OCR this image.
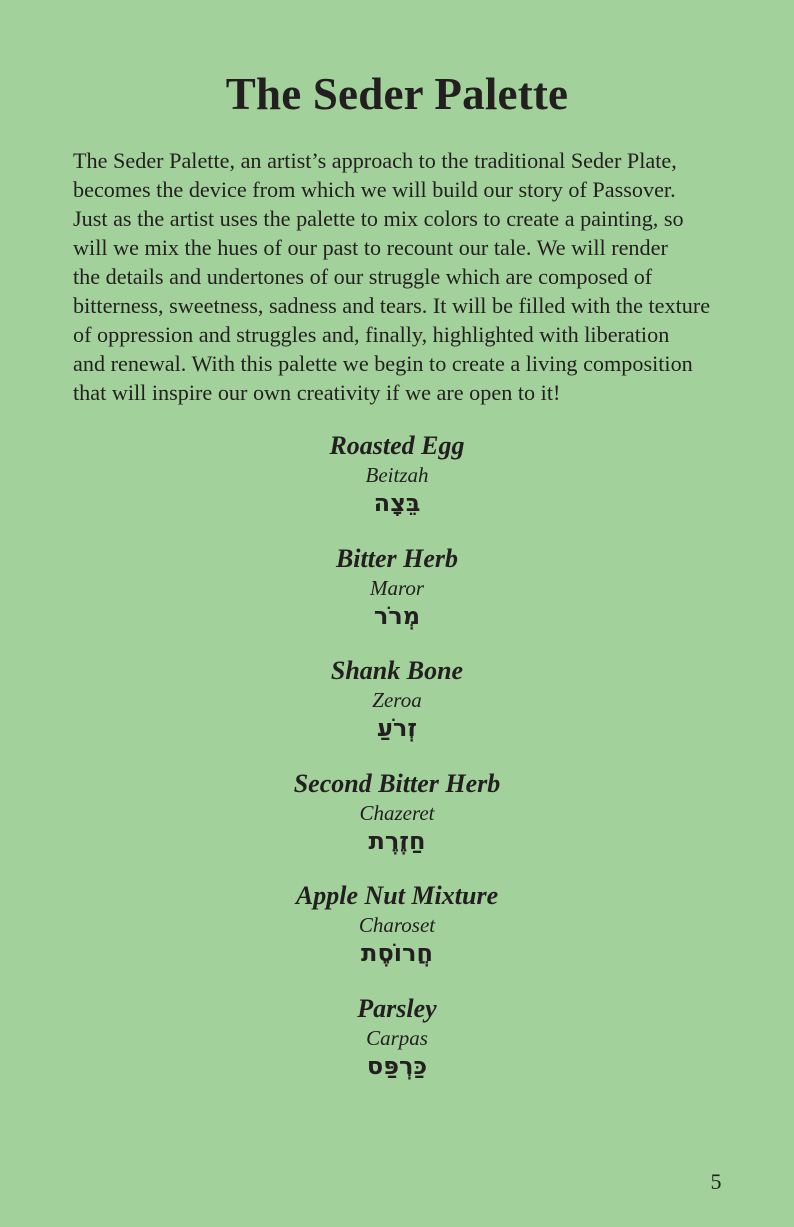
The Seder Palette

The Seder Palette, an artist’s approach to the traditional Seder Plate,
becomes the device from which we will build our story of Passover.
Just as the artist uses the palette to mix colors to create a painting, so
will we mix the hues of our past to recount our tale. We will render
the details and undertones of our struggle which are composed of
bitterness, sweetness, sadness and tears. It will be filled with the texture
of oppression and struggles and, finally, highlighted with liberation
and renewal. With this palette we begin to create a living composition
that will inspire our own creativity if we are open to it!

Roasted Egg
Beitzah
בֵּצָה
Bitter Herb
Maror
מְרֹר
Shank Bone
Zeroa
זְרֹעַ
Second Bitter Herb
Chazeret
חַזֶרֶת
Apple Nut Mixture
Charoset
חֲרוֹסֶת
Parsley
Carpas
כַּרְפַּס
5
